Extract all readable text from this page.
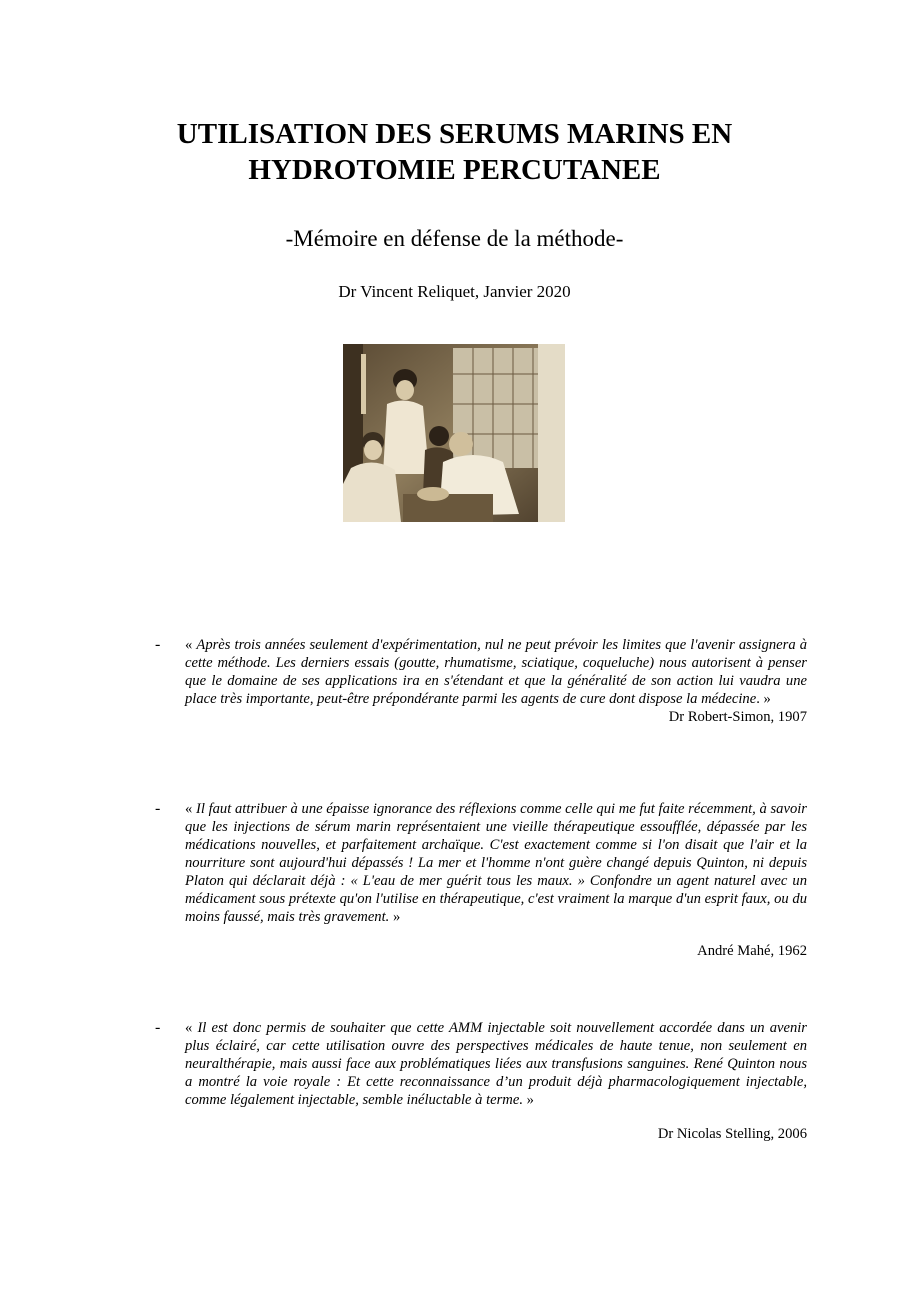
UTILISATION DES SERUMS MARINS EN
HYDROTOMIE PERCUTANEE
-Mémoire en défense de la méthode-
Dr Vincent Reliquet, Janvier 2020
- « Après trois années seulement d'expérimentation, nul ne peut prévoir les limites que l'avenir assignera à cette méthode. Les derniers essais (goutte, rhumatisme, sciatique, coqueluche) nous autorisent à penser que le domaine de ses applications ira en s'étendant et que la généralité de son action lui vaudra une place très importante, peut-être prépondérante parmi les agents de cure dont dispose la médecine. »
Dr Robert-Simon, 1907
- « Il faut attribuer à une épaisse ignorance des réflexions comme celle qui me fut faite récemment, à savoir que les injections de sérum marin représentaient une vieille thérapeutique essoufflée, dépassée par les médications nouvelles, et parfaitement archaïque. C'est exactement comme si l'on disait que l'air et la nourriture sont aujourd'hui dépassés ! La mer et l'homme n'ont guère changé depuis Quinton, ni depuis Platon qui déclarait déjà : « L'eau de mer guérit tous les maux. » Confondre un agent naturel avec un médicament sous prétexte qu'on l'utilise en thérapeutique, c'est vraiment la marque d'un esprit faux, ou du moins faussé, mais très gravement. »
André Mahé, 1962
- « Il est donc permis de souhaiter que cette AMM injectable soit nouvellement accordée dans un avenir plus éclairé, car cette utilisation ouvre des perspectives médicales de haute tenue, non seulement en neuralthérapie, mais aussi face aux problématiques liées aux transfusions sanguines. René Quinton nous a montré la voie royale : Et cette reconnaissance d’un produit déjà pharmacologiquement injectable, comme légalement injectable, semble inéluctable à terme. »
Dr Nicolas Stelling, 2006
